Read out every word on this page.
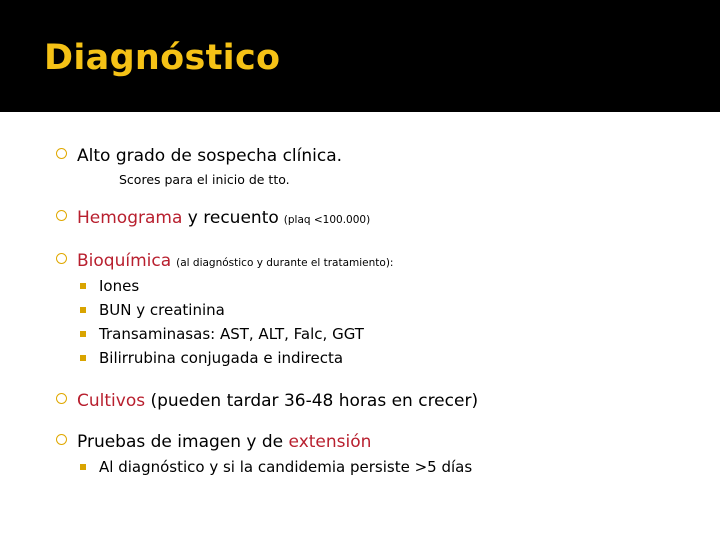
Diagnóstico
Alto grado de sospecha clínica.
Scores para el inicio de tto.
Hemograma y recuento (plaq <100.000)
Bioquímica (al diagnóstico y durante el tratamiento):
Iones
BUN y creatinina
Transaminasas: AST, ALT, Falc, GGT
Bilirrubina conjugada e indirecta
Cultivos (pueden tardar 36-48 horas en crecer)
Pruebas de imagen y de extensión
Al diagnóstico y si la candidemia persiste >5 días
